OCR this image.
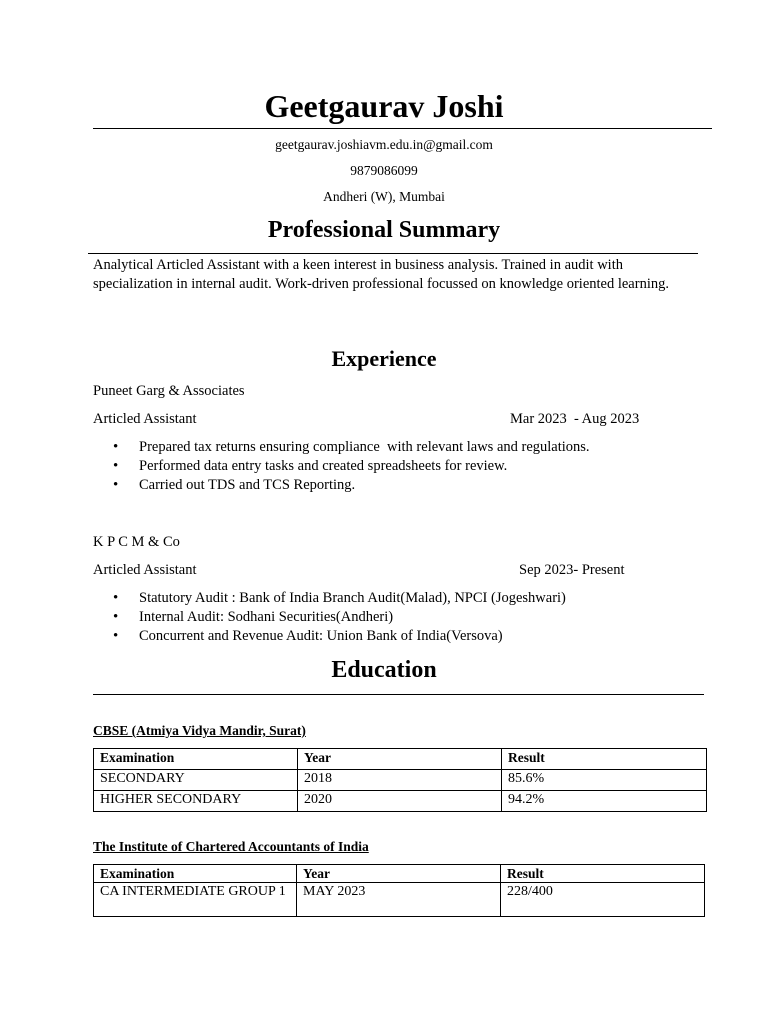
Geetgaurav Joshi
geetgaurav.joshiavm.edu.in@gmail.com
9879086099
Andheri (W), Mumbai
Professional Summary
Analytical Articled Assistant with a keen interest in business analysis. Trained in audit with specialization in internal audit. Work-driven professional focussed on knowledge oriented learning.
Experience
Puneet Garg & Associates
Articled Assistant	Mar 2023  - Aug 2023
• Prepared tax returns ensuring compliance  with relevant laws and regulations.
• Performed data entry tasks and created spreadsheets for review.
• Carried out TDS and TCS Reporting.
K P C M & Co
Articled Assistant	Sep 2023- Present
• Statutory Audit : Bank of India Branch Audit(Malad), NPCI (Jogeshwari)
• Internal Audit: Sodhani Securities(Andheri)
• Concurrent and Revenue Audit: Union Bank of India(Versova)
Education
CBSE (Atmiya Vidya Mandir, Surat)
Examination	Year	Result
SECONDARY	2018	85.6%
HIGHER SECONDARY	2020	94.2%
The Institute of Chartered Accountants of India
Examination	Year	Result
CA INTERMEDIATE GROUP 1	MAY 2023	228/400
